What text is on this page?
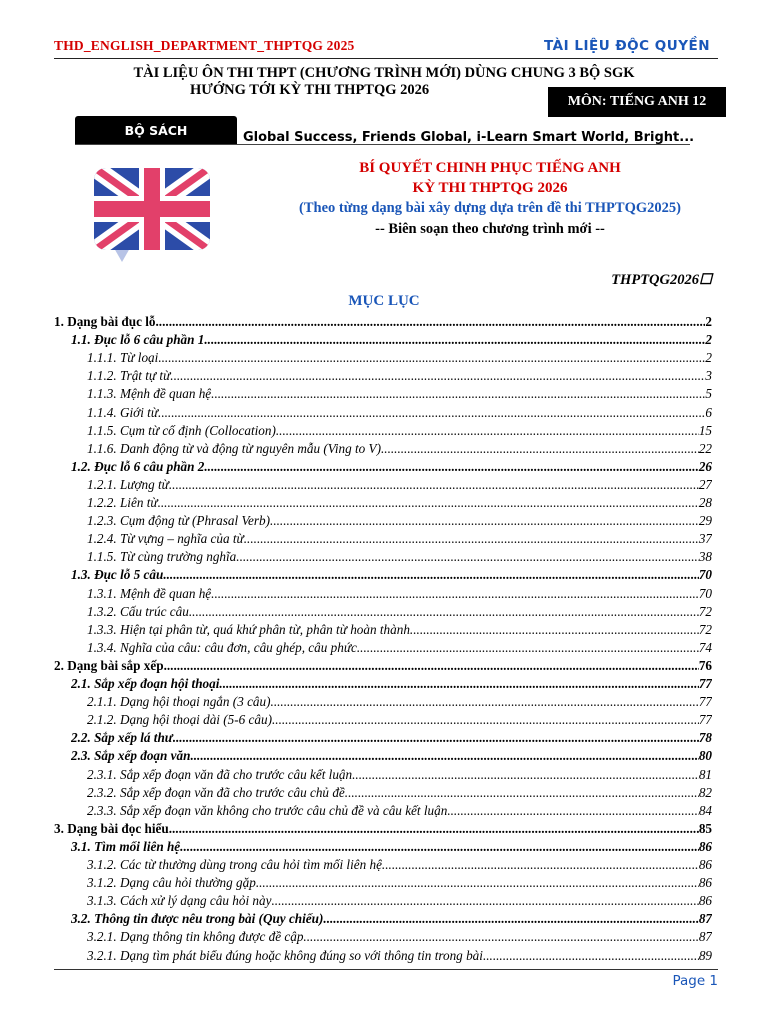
THD_ENGLISH_DEPARTMENT_THPTQG 2025	TÀI LIỆU ĐỘC QUYỀN
TÀI LIỆU ÔN THI THPT (CHƯƠNG TRÌNH MỚI) DÙNG CHUNG 3 BỘ SGK
HƯỚNG TỚI KỲ THI THPTQG 2026
MÔN: TIẾNG ANH 12
BỘ SÁCH	Global Success, Friends Global, i-Learn Smart World, Bright...
BÍ QUYẾT CHINH PHỤC TIẾNG ANH
KỲ THI THPTQG 2026
(Theo từng dạng bài xây dựng dựa trên đề thi THPTQG2025)
-- Biên soạn theo chương trình mới --
THPTQG2026☐
MỤC LỤC
1. Dạng bài đục lỗ .....	2
1.1. Đục lỗ 6 câu phần 1 .....	2
1.1.1. Từ loại .....	2
1.1.2. Trật tự từ .....	3
1.1.3. Mệnh đề quan hệ .....	5
1.1.4. Giới từ .....	6
1.1.5. Cụm từ cố định (Collocation) .....	15
1.1.6. Danh động từ và động từ nguyên mẫu (Ving to V) .....	22
1.2. Đục lỗ 6 câu phần 2 .....	26
1.2.1. Lượng từ .....	27
1.2.2. Liên từ .....	28
1.2.3. Cụm động từ (Phrasal Verb) .....	29
1.2.4. Từ vựng – nghĩa của từ .....	37
1.1.5. Từ cùng trường nghĩa .....	38
1.3. Đục lỗ 5 câu .....	70
1.3.1. Mệnh đề quan hệ .....	70
1.3.2. Cấu trúc câu .....	72
1.3.3. Hiện tại phân từ, quá khứ phân từ, phân từ hoàn thành .....	72
1.3.4. Nghĩa của câu: câu đơn, câu ghép, câu phức .....	74
2. Dạng bài sắp xếp .....	76
2.1. Sắp xếp đoạn hội thoại .....	77
2.1.1. Dạng hội thoại ngắn (3 câu) .....	77
2.1.2. Dạng hội thoại dài (5-6 câu) .....	77
2.2. Sắp xếp lá thư .....	78
2.3. Sắp xếp đoạn văn .....	80
2.3.1. Sắp xếp đoạn văn đã cho trước câu kết luận .....	81
2.3.2. Sắp xếp đoạn văn đã cho trước câu chủ đề .....	82
2.3.3. Sắp xếp đoạn văn không cho trước câu chủ đề và câu kết luận .....	84
3. Dạng bài đọc hiểu .....	85
3.1. Tìm mối liên hệ .....	86
3.1.2. Các từ thường dùng trong câu hỏi tìm mối liên hệ .....	86
3.1.2. Dạng câu hỏi thường gặp .....	86
3.1.3. Cách xử lý dạng câu hỏi này .....	86
3.2. Thông tin được nêu trong bài (Quy chiếu) .....	87
3.2.1. Dạng thông tin không được đề cập .....	87
3.2.1. Dạng tìm phát biểu đúng hoặc không đúng so với thông tin trong bài .....	89
Page 1
